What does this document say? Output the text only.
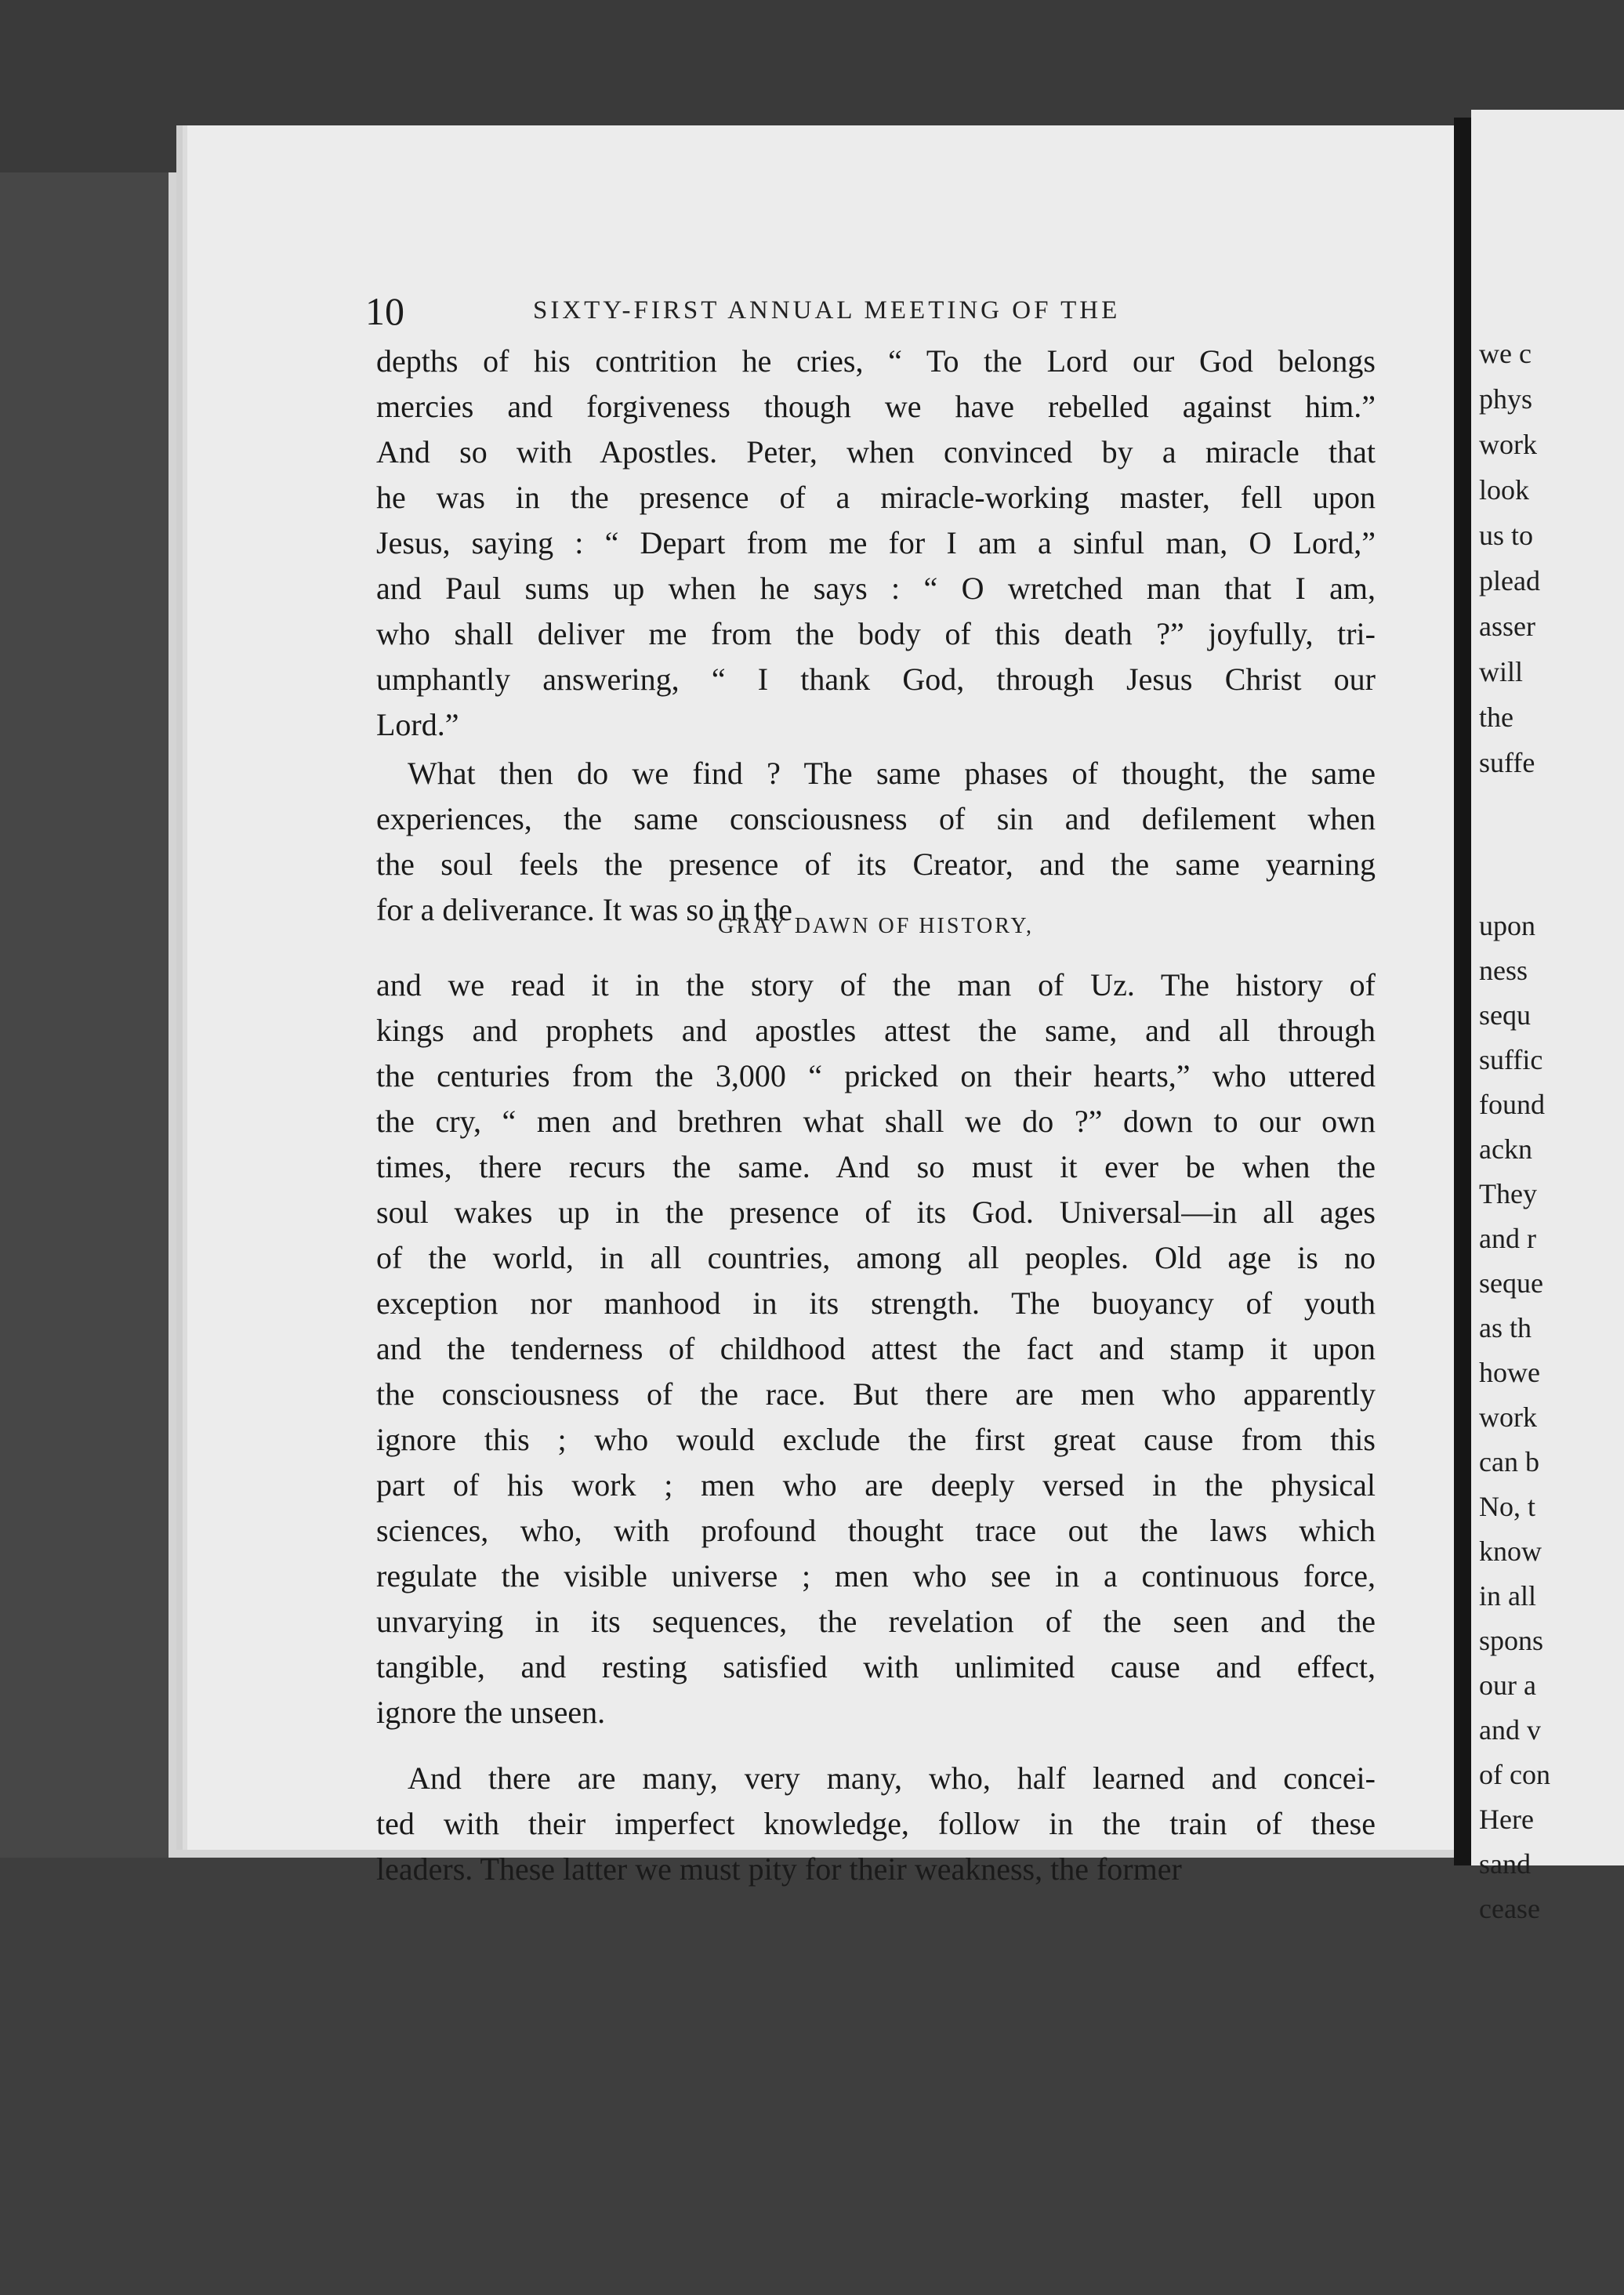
we c
phys
work
look
us to
plead
asser
will
the
suffe
upon
ness
sequ
suffic
found
ackn
They
and r
seque
as th
howe
work
can b
No, t
know
in all
spons
our a
and v
of con
Here
sand
cease
10	SIXTY-FIRST ANNUAL MEETING OF THE
depths of his contrition he cries, “ To the Lord our God belongs
mercies and forgiveness though we have rebelled against him.”
And so with Apostles. Peter, when convinced by a miracle that
he was in the presence of a miracle-working master, fell upon
Jesus, saying : “ Depart from me for I am a sinful man, O Lord,”
and Paul sums up when he says : “ O wretched man that I am,
who shall deliver me from the body of this death ?” joyfully, tri-
umphantly answering, “ I thank God, through Jesus Christ our
Lord.”
What then do we find ? The same phases of thought, the same
experiences, the same consciousness of sin and defilement when
the soul feels the presence of its Creator, and the same yearning
for a deliverance. It was so in the
GRAY DAWN OF HISTORY,
and we read it in the story of the man of Uz. The history of
kings and prophets and apostles attest the same, and all through
the centuries from the 3,000 “ pricked on their hearts,” who uttered
the cry, “ men and brethren what shall we do ?” down to our own
times, there recurs the same. And so must it ever be when the
soul wakes up in the presence of its God. Universal—in all ages
of the world, in all countries, among all peoples. Old age is no
exception nor manhood in its strength. The buoyancy of youth
and the tenderness of childhood attest the fact and stamp it upon
the consciousness of the race. But there are men who apparently
ignore this ; who would exclude the first great cause from this
part of his work ; men who are deeply versed in the physical
sciences, who, with profound thought trace out the laws which
regulate the visible universe ; men who see in a continuous force,
unvarying in its sequences, the revelation of the seen and the
tangible, and resting satisfied with unlimited cause and effect,
ignore the unseen.
And there are many, very many, who, half learned and concei-
ted with their imperfect knowledge, follow in the train of these
leaders. These latter we must pity for their weakness, the former
